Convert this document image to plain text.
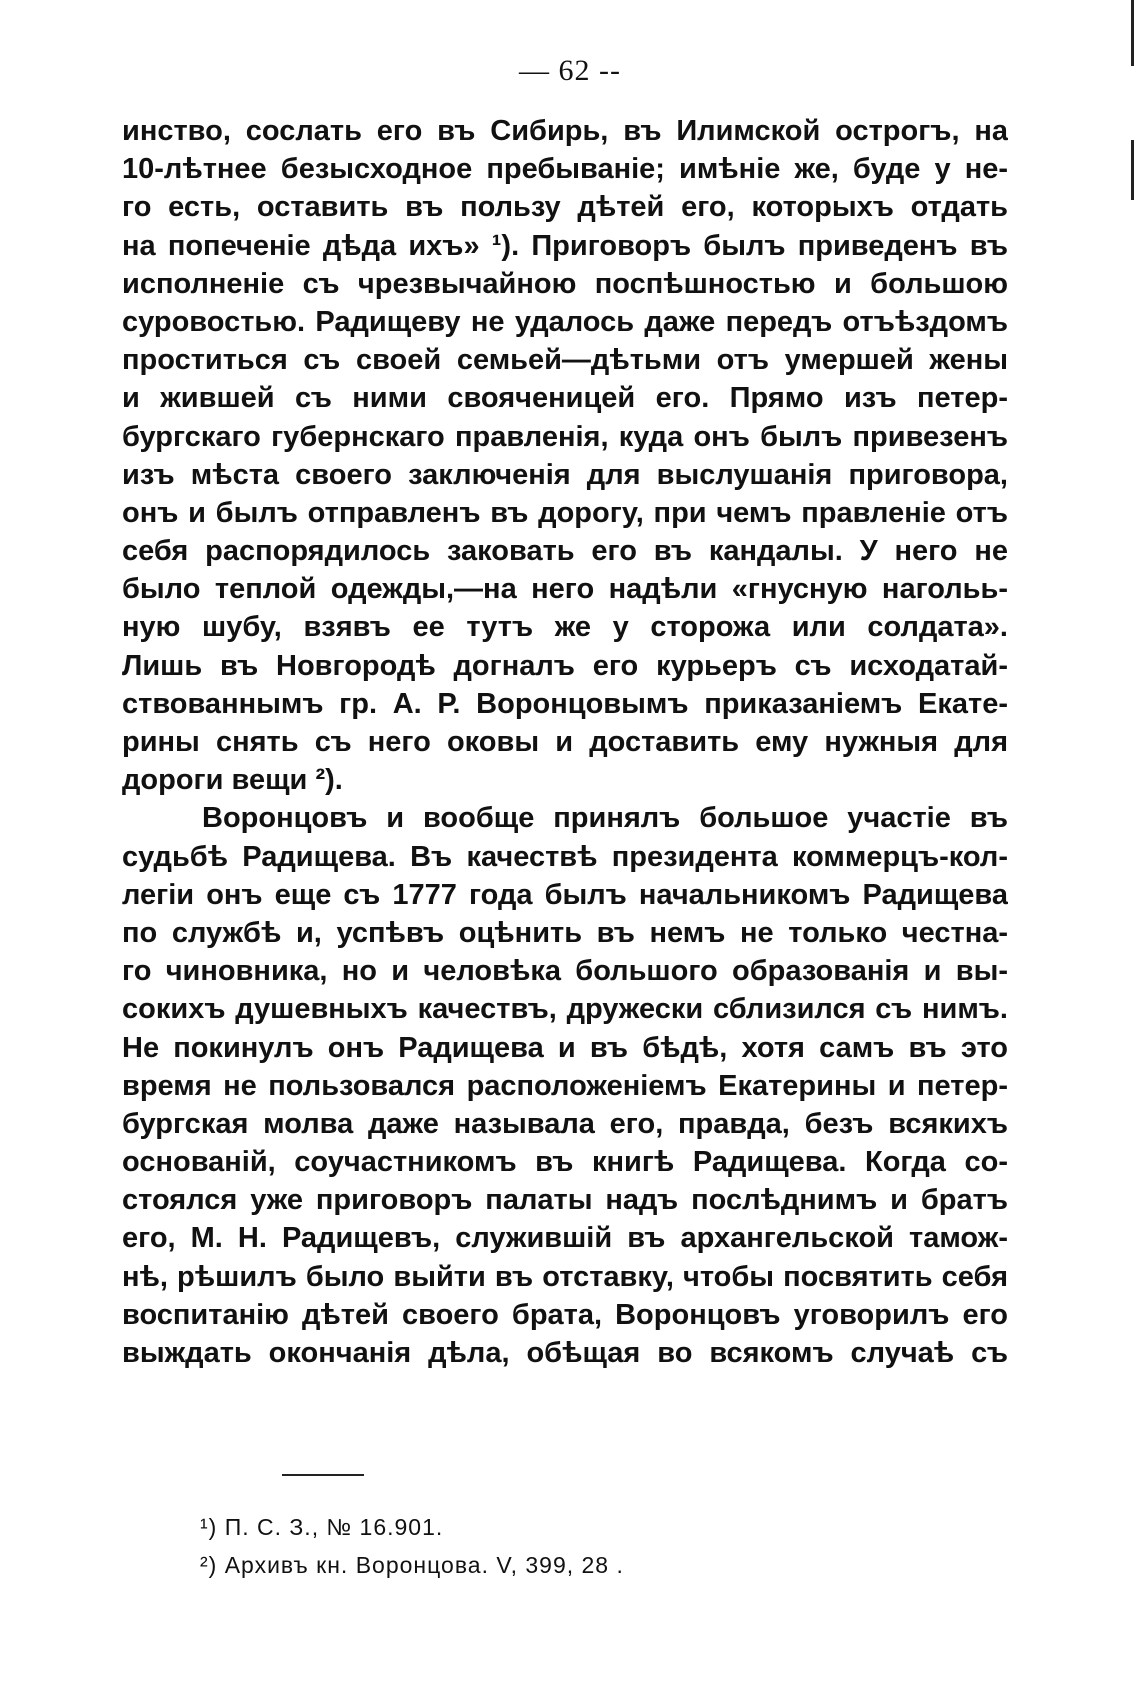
— 62 --
инство, сослать его въ Сибирь, въ Илимской острогъ, на
10-лѣтнее безысходное пребываніе; имѣніе же, буде у не-
го есть, оставить въ пользу дѣтей его, которыхъ отдать
на попеченіе дѣда ихъ» ¹). Приговоръ былъ приведенъ въ
исполненіе съ чрезвычайною поспѣшностью и большою
суровостью. Радищеву не удалось даже передъ отъѣздомъ
проститься съ своей семьей—дѣтьми отъ умершей жены
и жившей съ ними свояченицей его. Прямо изъ петер-
бургскаго губернскаго правленія, куда онъ былъ привезенъ
изъ мѣста своего заключенія для выслушанія приговора,
онъ и былъ отправленъ въ дорогу, при чемъ правленіе отъ
себя распорядилось заковать его въ кандалы. У него не
было теплой одежды,—на него надѣли «гнусную нагольь-
ную шубу, взявъ ее тутъ же у сторожа или солдата».
Лишь въ Новгородѣ догналъ его курьеръ съ исходатай-
ствованнымъ гр. А. Р. Воронцовымъ приказаніемъ Екате-
рины снять съ него оковы и доставить ему нужныя для
дороги вещи ²).
Воронцовъ и вообще принялъ большое участіе въ
судьбѣ Радищева. Въ качествѣ президента коммерцъ-кол-
легіи онъ еще съ 1777 года былъ начальникомъ Радищева
по службѣ и, успѣвъ оцѣнить въ немъ не только честна-
го чиновника, но и человѣка большого образованія и вы-
сокихъ душевныхъ качествъ, дружески сблизился съ нимъ.
Не покинулъ онъ Радищева и въ бѣдѣ, хотя самъ въ это
время не пользовался расположеніемъ Екатерины и петер-
бургская молва даже называла его, правда, безъ всякихъ
основаній, соучастникомъ въ книгѣ Радищева. Когда со-
стоялся уже приговоръ палаты надъ послѣднимъ и братъ
его, М. Н. Радищевъ, служившій въ архангельской тамож-
нѣ, рѣшилъ было выйти въ отставку, чтобы посвятить себя
воспитанію дѣтей своего брата, Воронцовъ уговорилъ его
выждать окончанія дѣла, обѣщая во всякомъ случаѣ съ
¹) П. С. З., № 16.901.
²) Архивъ кн. Воронцова. V, 399, 28 .
